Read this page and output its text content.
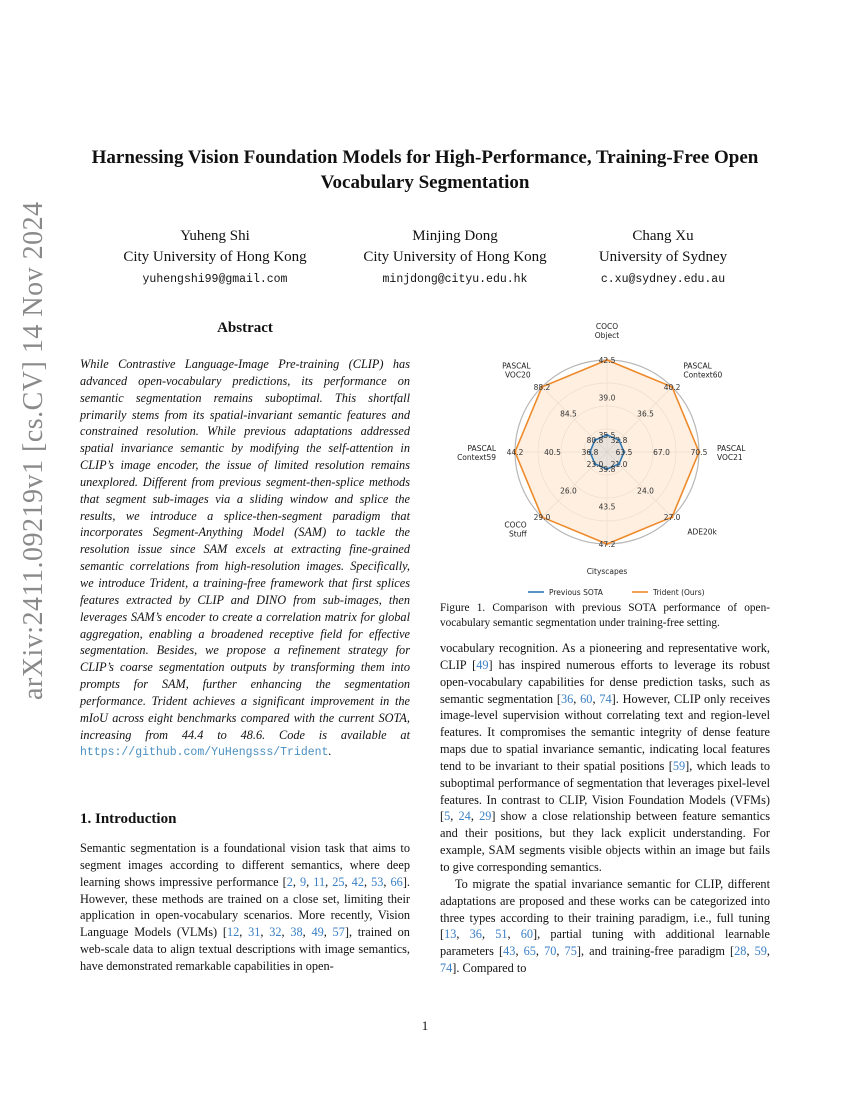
arXiv:2411.09219v1 [cs.CV] 14 Nov 2024
Harnessing Vision Foundation Models for High-Performance, Training-Free Open Vocabulary Segmentation
Yuheng Shi
City University of Hong Kong
yuhengshi99@gmail.com
Minjing Dong
City University of Hong Kong
minjdong@cityu.edu.hk
Chang Xu
University of Sydney
c.xu@sydney.edu.au
Abstract
While Contrastive Language-Image Pre-training (CLIP) has advanced open-vocabulary predictions, its performance on semantic segmentation remains suboptimal. This shortfall primarily stems from its spatial-invariant semantic features and constrained resolution. While previous adaptations addressed spatial invariance semantic by modifying the self-attention in CLIP’s image encoder, the issue of limited resolution remains unexplored. Different from previous segment-then-splice methods that segment sub-images via a sliding window and splice the results, we introduce a splice-then-segment paradigm that incorporates Segment-Anything Model (SAM) to tackle the resolution issue since SAM excels at extracting fine-grained semantic correlations from high-resolution images. Specifically, we introduce Trident, a training-free framework that first splices features extracted by CLIP and DINO from sub-images, then leverages SAM’s encoder to create a correlation matrix for global aggregation, enabling a broadened receptive field for effective segmentation. Besides, we propose a refinement strategy for CLIP’s coarse segmentation outputs by transforming them into prompts for SAM, further enhancing the segmentation performance. Trident achieves a significant improvement in the mIoU across eight benchmarks compared with the current SOTA, increasing from 44.4 to 48.6. Code is available at https://github.com/YuHengsss/Trident.
35.5
39.0
42.5
32.8
36.5
40.2
63.5	67.0	70.5
21.0
24.0
27.0
39.8
43.5
47.2
23.0
26.0
29.0
36.8
40.5
44.2
80.8
84.5
88.2
COCO Object
PASCAL Context60
PASCAL VOC21
ADE20k
Cityscapes
COCO Stuff
PASCAL Context59
PASCAL VOC20
Previous SOTA	Trident (Ours)
Figure 1. Comparison with previous SOTA performance of open-vocabulary semantic segmentation under training-free setting.
1. Introduction
Semantic segmentation is a foundational vision task that aims to segment images according to different semantics, where deep learning shows impressive performance [2, 9, 11, 25, 42, 53, 66]. However, these methods are trained on a close set, limiting their application in open-vocabulary scenarios. More recently, Vision Language Models (VLMs) [12, 31, 32, 38, 49, 57], trained on web-scale data to align textual descriptions with image semantics, have demonstrated remarkable capabilities in open-

vocabulary recognition. As a pioneering and representative work, CLIP [49] has inspired numerous efforts to leverage its robust open-vocabulary capabilities for dense prediction tasks, such as semantic segmentation [36, 60, 74]. However, CLIP only receives image-level supervision without correlating text and region-level features. It compromises the semantic integrity of dense feature maps due to spatial invariance semantic, indicating local features tend to be invariant to their spatial positions [59], which leads to suboptimal performance of segmentation that leverages pixel-level features. In contrast to CLIP, Vision Foundation Models (VFMs) [5, 24, 29] show a close relationship between feature semantics and their positions, but they lack explicit understanding. For example, SAM segments visible objects within an image but fails to give corresponding semantics.

To migrate the spatial invariance semantic for CLIP, different adaptations are proposed and these works can be categorized into three types according to their training paradigm, i.e., full tuning [13, 36, 51, 60], partial tuning with additional learnable parameters [43, 65, 70, 75], and training-free paradigm [28, 59, 74]. Compared to

1
